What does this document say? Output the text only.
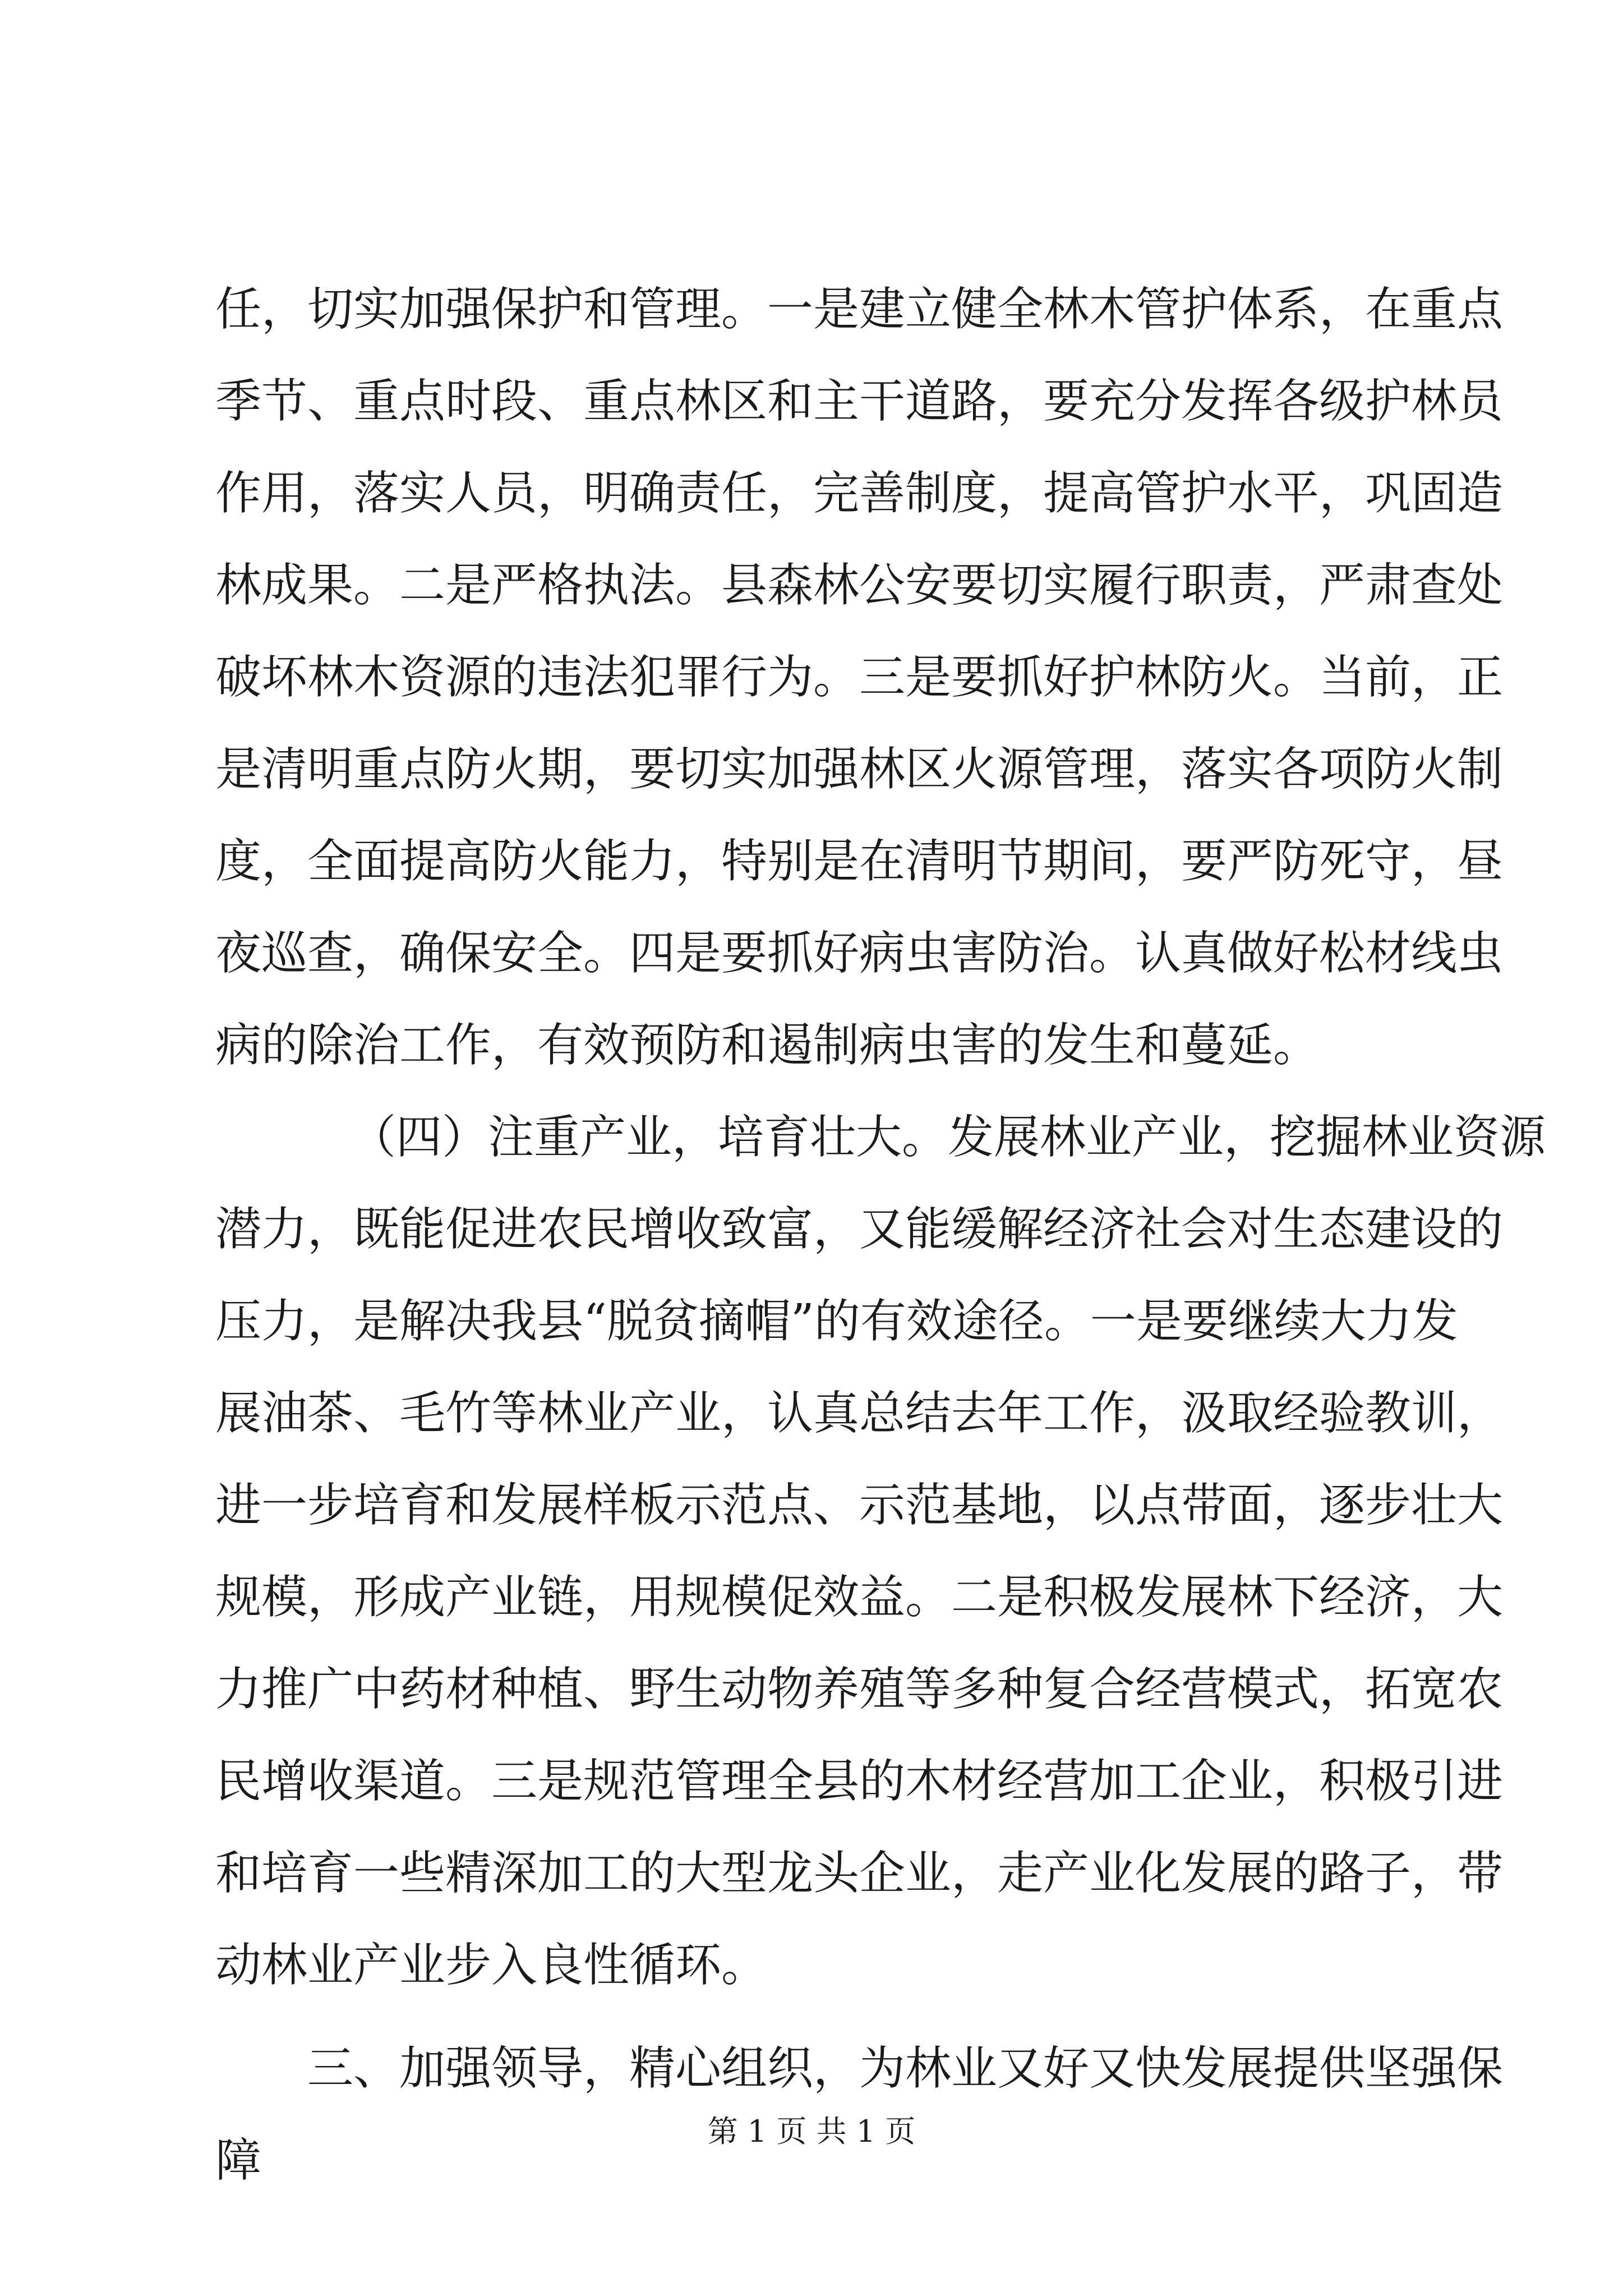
任，切实加强保护和管理。一是建立健全林木管护体系，在重点
季节、重点时段、重点林区和主干道路，要充分发挥各级护林员
作用，落实人员，明确责任，完善制度，提高管护水平，巩固造
林成果。二是严格执法。县森林公安要切实履行职责，严肃查处
破坏林木资源的违法犯罪行为。三是要抓好护林防火。当前，正
是清明重点防火期，要切实加强林区火源管理，落实各项防火制
度，全面提高防火能力，特别是在清明节期间，要严防死守，昼
夜巡查，确保安全。四是要抓好病虫害防治。认真做好松材线虫
病的除治工作，有效预防和遏制病虫害的发生和蔓延。
（四）注重产业，培育壮大。发展林业产业，挖掘林业资源
潜力，既能促进农民增收致富，又能缓解经济社会对生态建设的
压力，是解决我县“脱贫摘帽”的有效途径。一是要继续大力发
展油茶、毛竹等林业产业，认真总结去年工作，汲取经验教训，
进一步培育和发展样板示范点、示范基地，以点带面，逐步壮大
规模，形成产业链，用规模促效益。二是积极发展林下经济，大
力推广中药材种植、野生动物养殖等多种复合经营模式，拓宽农
民增收渠道。三是规范管理全县的木材经营加工企业，积极引进
和培育一些精深加工的大型龙头企业，走产业化发展的路子，带
动林业产业步入良性循环。
三、加强领导，精心组织，为林业又好又快发展提供坚强保
障
第 1 页 共 1 页
